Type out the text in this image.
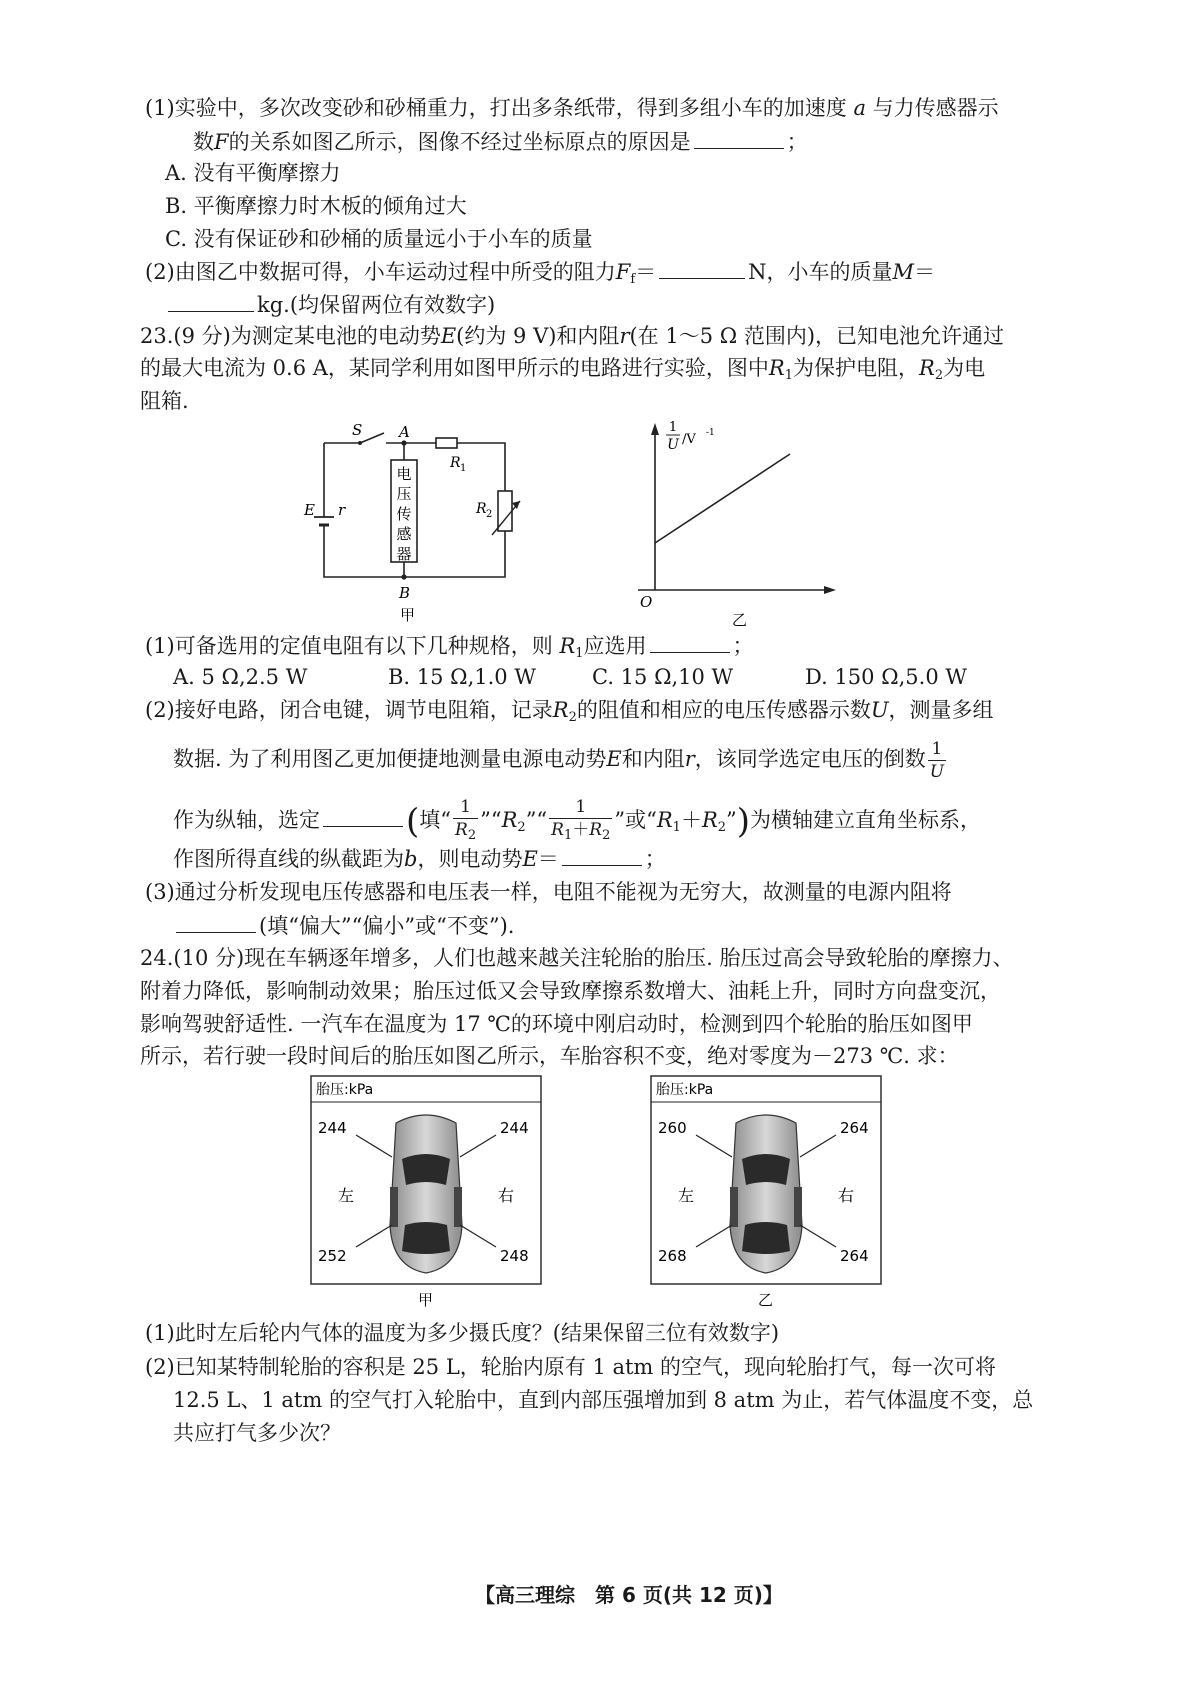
(1)实验中，多次改变砂和砂桶重力，打出多条纸带，得到多组小车的加速度 a 与力传感器示
数F的关系如图乙所示，图像不经过坐标原点的原因是	；
A. 没有平衡摩擦力
B. 平衡摩擦力时木板的倾角过大
C. 没有保证砂和砂桶的质量远小于小车的质量
(2)由图乙中数据可得，小车运动过程中所受的阻力$F_f=$	N，小车的质量M＝
kg.(均保留两位有效数字)
23.(9 分)为测定某电池的电动势E(约为 9 V)和内阻r(在 1～5 Ω 范围内)，已知电池允许通过
的最大电流为 0.6 A，某同学利用如图甲所示的电路进行实验，图中$R_1$为保护电阻，$R_2$为电
阻箱.
电
压
传
感
器
S A
B
R 1
R 2
E r
甲
1
U /V -1
O
乙
(1)可备选用的定值电阻有以下几种规格，则 $R_1$应选用	；
A. 5 Ω,2.5 W	B. 15 Ω,1.0 W	C. 15 Ω,10 W	D. 150 Ω,5.0 W
(2)接好电路，闭合电键，调节电阻箱，记录$R_2$的阻值和相应的电压传感器示数U，测量多组
数据. 为了利用图乙更加便捷地测量电源电动势E和内阻r，该同学选定电压的倒数 $\frac{1}{U}$
作为纵轴，选定	(填“ $\frac{1}{R_2}$ $”“R_2”“ \frac{1}{R_1+R_2}$ ”或“$R_1+R_2$”)为横轴建立直角坐标系，
作图所得直线的纵截距为b，则电动势E＝	；
(3)通过分析发现电压传感器和电压表一样，电阻不能视为无穷大，故测量的电源内阻将
(填“偏大”“偏小”或“不变”).
24.(10 分)现在车辆逐年增多，人们也越来越关注轮胎的胎压. 胎压过高会导致轮胎的摩擦力、
附着力降低，影响制动效果；胎压过低又会导致摩擦系数增大、油耗上升，同时方向盘变沉，
影响驾驶舒适性. 一汽车在温度为 17 ℃的环境中刚启动时，检测到四个轮胎的胎压如图甲
所示，若行驶一段时间后的胎压如图乙所示，车胎容积不变，绝对零度为－273 ℃. 求：
胎压:kPa
244	244
252	248
左	右
甲
胎压:kPa
260	264
268	264
左	右
乙
(1)此时左后轮内气体的温度为多少摄氏度？(结果保留三位有效数字)
(2)已知某特制轮胎的容积是 25 L，轮胎内原有 1 atm 的空气，现向轮胎打气，每一次可将
12.5 L、1 atm 的空气打入轮胎中，直到内部压强增加到 8 atm 为止，若气体温度不变，总
共应打气多少次？
【高三理综　第 6 页(共 12 页)】
